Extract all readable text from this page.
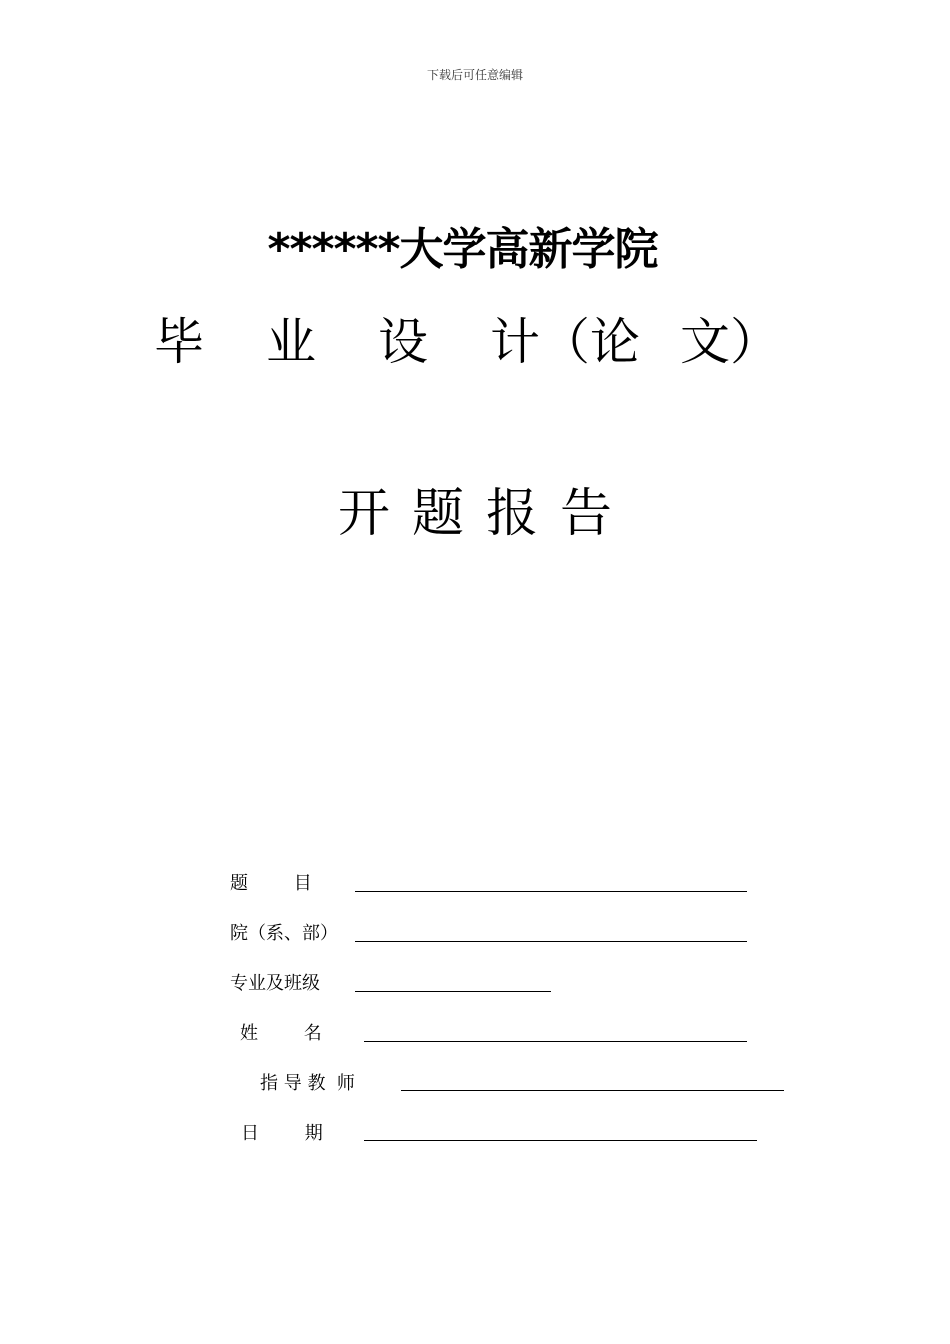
下载后可任意编辑
******大学高新学院
毕 业 设 计 （论 文）
开题报告
题        目
院（系、部）
专业及班级
姓        名
指 导 教  师
日        期
